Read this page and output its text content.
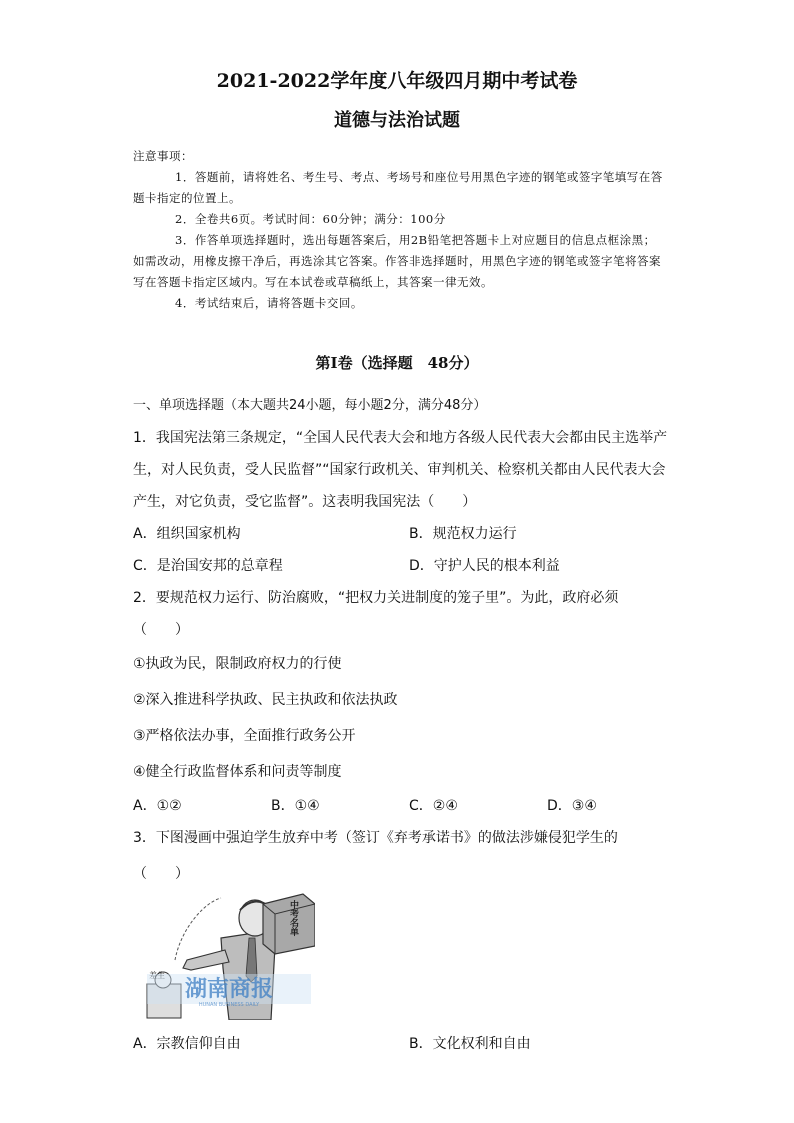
2021-2022学年度八年级四月期中考试卷
道德与法治试题

注意事项：

1．答题前，请将姓名、考生号、考点、考场号和座位号用黑色字迹的钢笔或签字笔填写在答题卡指定的位置上。

2．全卷共6页。考试时间：60分钟；满分：100分

3．作答单项选择题时，选出每题答案后，用2B铅笔把答题卡上对应题目的信息点框涂黑；如需改动，用橡皮擦干净后，再选涂其它答案。作答非选择题时，用黑色字迹的钢笔或签字笔将答案写在答题卡指定区域内。写在本试卷或草稿纸上，其答案一律无效。

4．考试结束后，请将答题卡交回。

第Ⅰ卷（选择题　48分）

一、单项选择题（本大题共24小题，每小题2分，满分48分）

1．我国宪法第三条规定，“全国人民代表大会和地方各级人民代表大会都由民主选举产

生，对人民负责，受人民监督”“国家行政机关、审判机关、检察机关都由人民代表大会

产生，对它负责，受它监督”。这表明我国宪法（　　）

A．组织国家机构	B．规范权力运行
C．是治国安邦的总章程	D．守护人民的根本利益

2．要规范权力运行、防治腐败，“把权力关进制度的笼子里”。为此，政府必须

（　　）

①执政为民，限制政府权力的行使

②深入推进科学执政、民主执政和依法执政

③严格依法办事，全面推行政务公开

④健全行政监督体系和问责等制度

A．①②	B．①④	C．②④	D．③④

3．下图漫画中强迫学生放弃中考（签订《弃考承诺书》的做法涉嫌侵犯学生的

（　　）

中考名单
差生
湖南商报
HUNAN BUSINESS DAILY
A．宗教信仰自由	B．文化权利和自由
